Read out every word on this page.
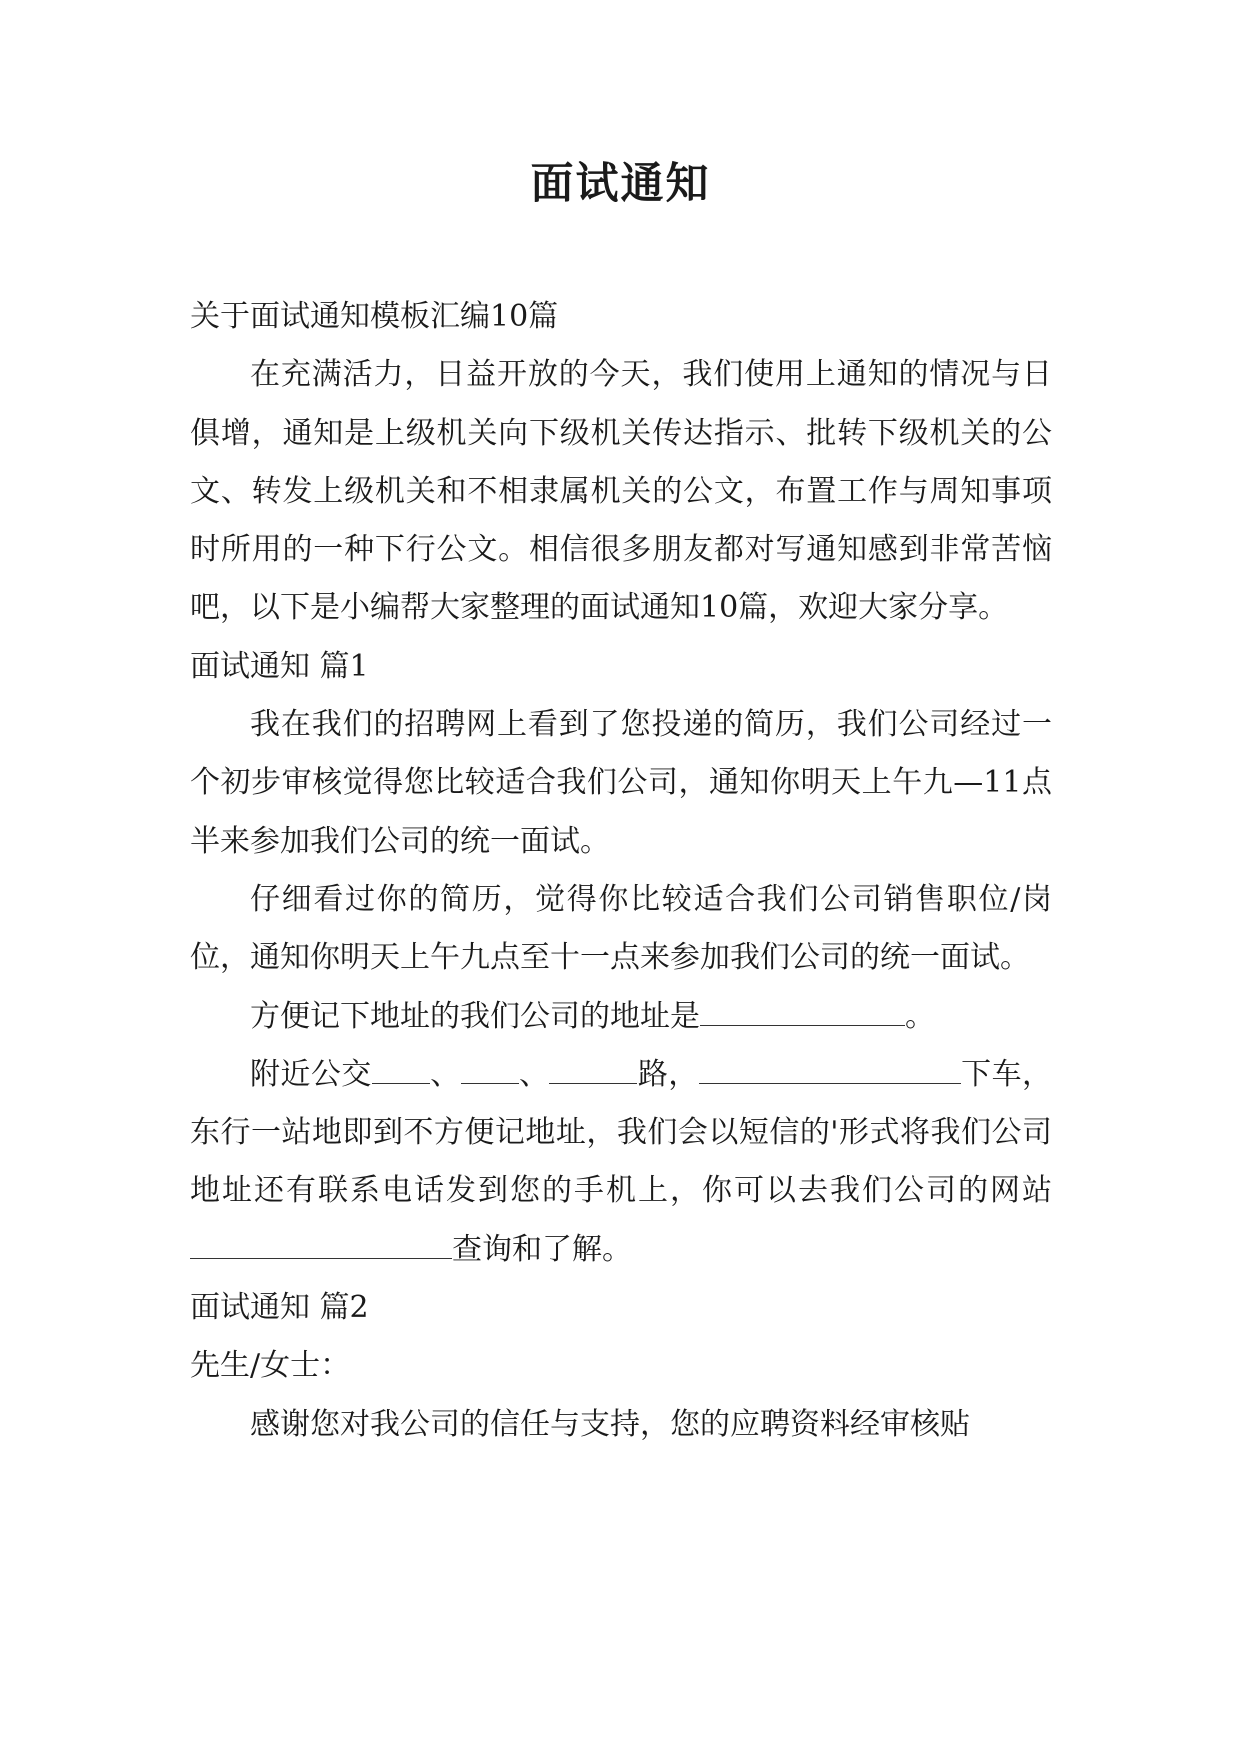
面试通知

关于面试通知模板汇编10篇

在充满活力，日益开放的今天，我们使用上通知的情况与日俱增，通知是上级机关向下级机关传达指示、批转下级机关的公文、转发上级机关和不相隶属机关的公文，布置工作与周知事项时所用的一种下行公文。相信很多朋友都对写通知感到非常苦恼吧，以下是小编帮大家整理的面试通知10篇，欢迎大家分享。

面试通知 篇1

我在我们的招聘网上看到了您投递的简历，我们公司经过一个初步审核觉得您比较适合我们公司，通知你明天上午九—11点半来参加我们公司的统一面试。

仔细看过你的简历，觉得你比较适合我们公司销售职位/岗位，通知你明天上午九点至十一点来参加我们公司的统一面试。

方便记下地址的我们公司的地址是	。

附近公交 、 、	路，	下车，东行一站地即到不方便记地址，我们会以短信的'形式将我们公司地址还有联系电话发到您的手机上，你可以去我们公司的网站查询和了解。

面试通知 篇2

先生/女士：

感谢您对我公司的信任与支持，您的应聘资料经审核贴
